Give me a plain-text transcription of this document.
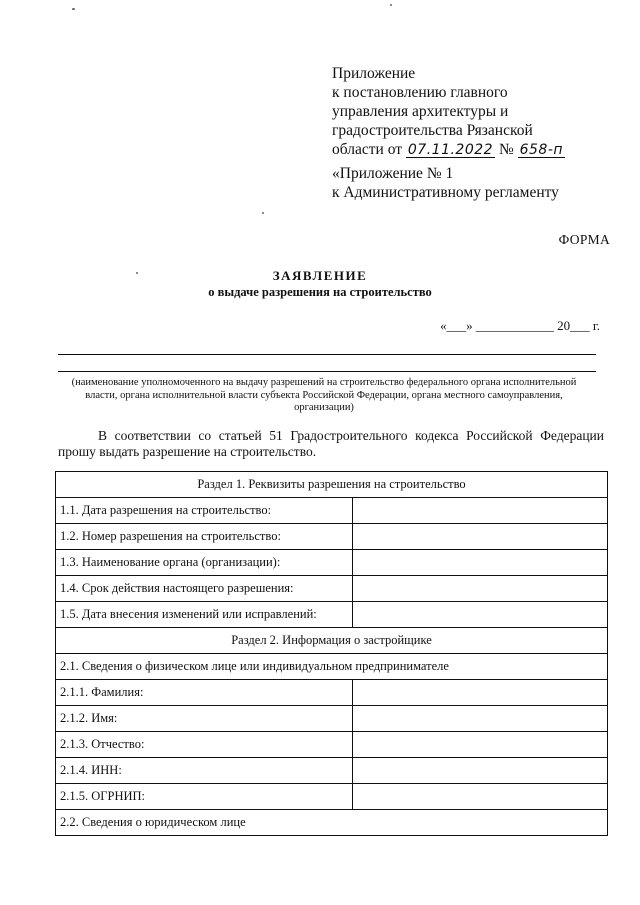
Приложение
к постановлению главного
управления архитектуры и
градостроительства Рязанской
области от 07.11.2022 № 658-п
«Приложение № 1
к Административному регламенту
ФОРМА
ЗАЯВЛЕНИЕ
о выдаче разрешения на строительство
«___» ____________ 20___ г.
(наименование уполномоченного на выдачу разрешений на строительство федерального органа исполнительной власти, органа исполнительной власти субъекта Российской Федерации, органа местного самоуправления, организации)
В соответствии со статьей 51 Градостроительного кодекса Российской Федерации
прошу выдать разрешение на строительство.
Раздел 1. Реквизиты разрешения на строительство	
1.1. Дата разрешения на строительство:	
1.2. Номер разрешения на строительство:	
1.3. Наименование органа (организации):	
1.4. Срок действия настоящего разрешения:	
1.5. Дата внесения изменений или исправлений:	
Раздел 2. Информация о застройщике	
2.1. Сведения о физическом лице или индивидуальном предпринимателе	
2.1.1. Фамилия:	
2.1.2. Имя:	
2.1.3. Отчество:	
2.1.4. ИНН:	
2.1.5. ОГРНИП:	
2.2. Сведения о юридическом лице	
